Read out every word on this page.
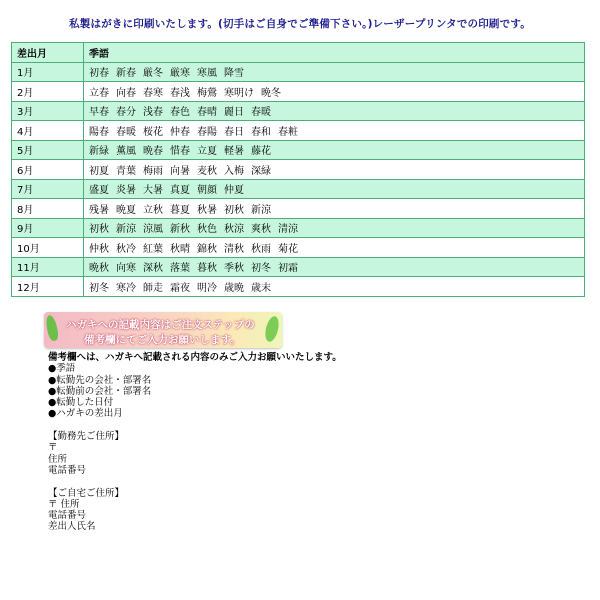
私製はがきに印刷いたします。(切手はご自身でご準備下さい。)レーザープリンタでの印刷です。
差出月	季語
1月	初春 新春 厳冬 厳寒 寒風 降雪
2月	立春 向春 春寒 春浅 梅鶯 寒明け 晩冬
3月	早春 春分 浅春 春色 春晴 麗日 春暖
4月	陽春 春暖 桜花 仲春 春陽 春日 春和 春粧
5月	新緑 薫風 晩春 惜春 立夏 軽暑 藤花
6月	初夏 青葉 梅雨 向暑 麦秋 入梅 深緑
7月	盛夏 炎暑 大暑 真夏 朝顔 仲夏
8月	残暑 晩夏 立秋 暮夏 秋暑 初秋 新涼
9月	初秋 新涼 涼風 新秋 秋色 秋涼 爽秋 清涼
10月	仲秋 秋冷 紅葉 秋晴 錦秋 清秋 秋雨 菊花
11月	晩秋 向寒 深秋 落葉 暮秋 季秋 初冬 初霜
12月	初冬 寒冷 師走 霜夜 明冷 歳晩 歳末
ハガキへの記載内容はご注文ステップの
備考欄にてご入力お願いします。
備考欄へは、ハガキへ記載される内容のみご入力お願いいたします。
●季語
●転勤先の会社・部署名
●転勤前の会社・部署名
●転勤した日付
●ハガキの差出月
【勤務先ご住所】
〒
住所
電話番号
【ご自宅ご住所】
〒 住所
電話番号
差出人氏名
